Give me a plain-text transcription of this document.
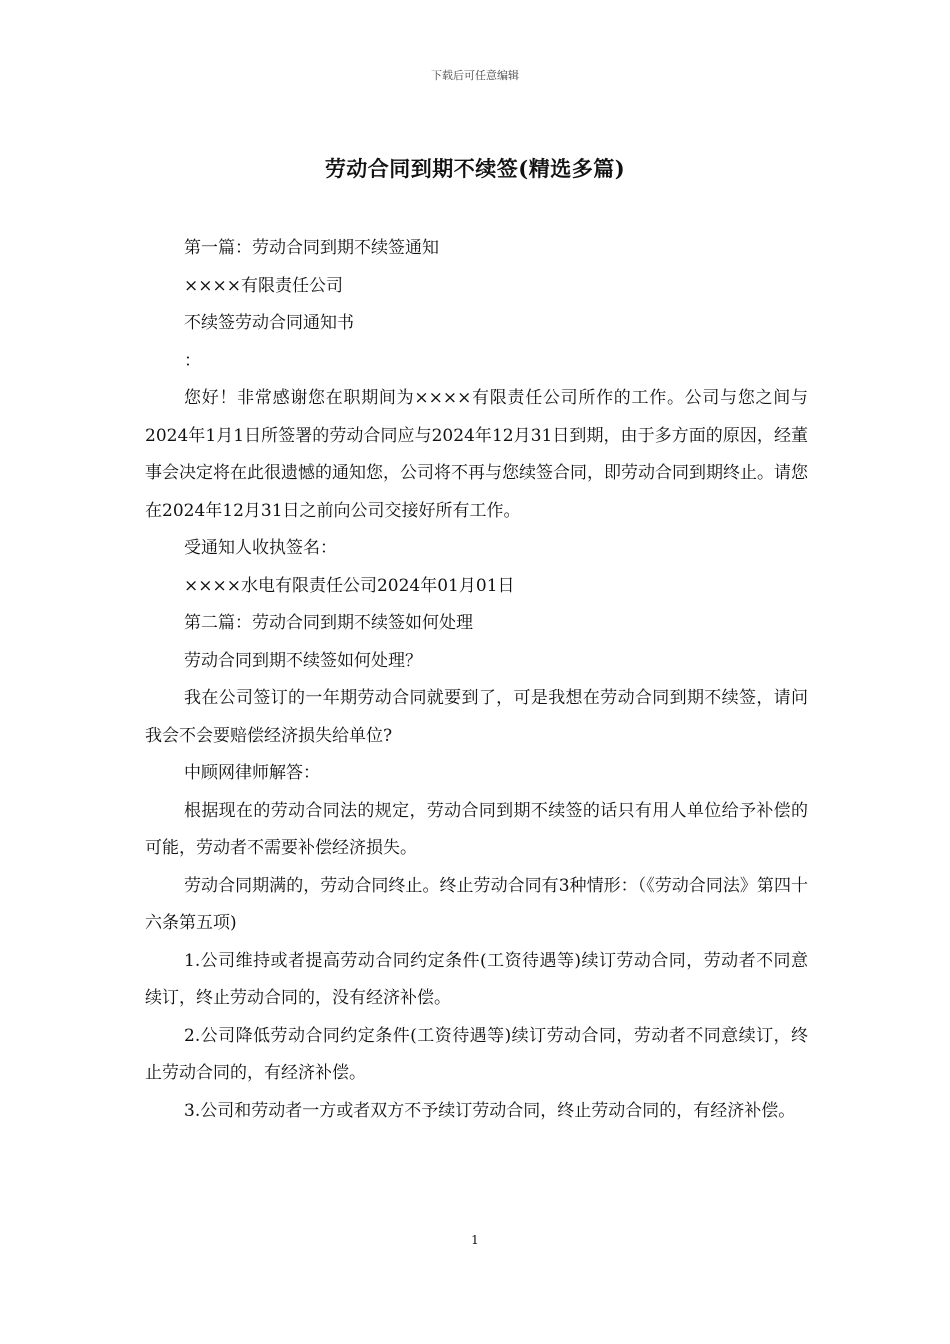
下载后可任意编辑
劳动合同到期不续签(精选多篇)

第一篇：劳动合同到期不续签通知

××××有限责任公司

不续签劳动合同通知书

：

您好！非常感谢您在职期间为××××有限责任公司所作的工作。公司与您之间与2024年1月1日所签署的劳动合同应与2024年12月31日到期，由于多方面的原因，经董事会决定将在此很遗憾的通知您，公司将不再与您续签合同，即劳动合同到期终止。请您在2024年12月31日之前向公司交接好所有工作。

受通知人收执签名：

××××水电有限责任公司2024年01月01日

第二篇：劳动合同到期不续签如何处理

劳动合同到期不续签如何处理？

我在公司签订的一年期劳动合同就要到了，可是我想在劳动合同到期不续签，请问我会不会要赔偿经济损失给单位?

中顾网律师解答：

根据现在的劳动合同法的规定，劳动合同到期不续签的话只有用人单位给予补偿的可能，劳动者不需要补偿经济损失。

劳动合同期满的，劳动合同终止。终止劳动合同有3种情形：（《劳动合同法》第四十六条第五项)

1.公司维持或者提高劳动合同约定条件(工资待遇等)续订劳动合同，劳动者不同意续订，终止劳动合同的，没有经济补偿。

2.公司降低劳动合同约定条件(工资待遇等)续订劳动合同，劳动者不同意续订，终止劳动合同的，有经济补偿。

3.公司和劳动者一方或者双方不予续订劳动合同，终止劳动合同的，有经济补偿。

1
